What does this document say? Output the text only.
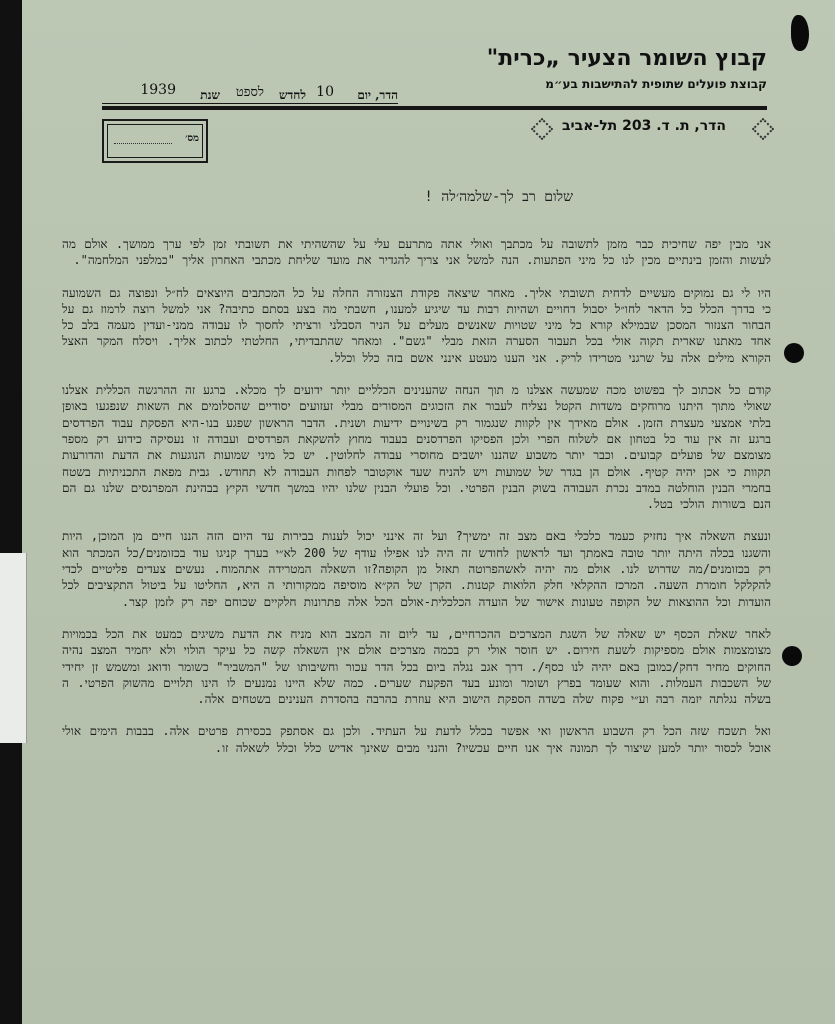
קבוץ השומר הצעיר „כרית"
קבוצת פועלים שתופית להתישבות בע״מ
הדר, יום
10
לחדש
לספט
שנת
1939
הדר, ת. ד. 203 תל-אביב
מס׳
שלום רב לך-שלמה׳לה !

אני מבין יפה שחיכית כבר מזמן לתשובה על מכתבך ואולי אתה מתרעם עלי על שהשהיתי את תשובתי זמן לפי ערך ממושך. אולם מה לעשות והזמן בינתיים מכין לנו כל מיני הפתעות. הנה למשל אני צריך להגדיר את מועד שליחת מכתבי האחרון אליך "כמלפני המלחמה".

היו לי גם נמוקים מעשיים לדחית תשובתי אליך. מאחר שיצאה פקודת הצנזורה החלה על כל המכתבים היוצאים לח״ל ונפוצה גם השמועה כי בדרך הכלל כל הדאר לחו״ל יסבול דחויים ושהיות רבות עד שיגיע למענו, חשבתי מה בצע בסתם כתיבה? אני למשל רוצה לרמוז גם על הבחור הצנזור המסכן שבמילא קורא כל מיני שטויות שאנשים מעלים על הניר הסבלני ורציתי לחסוך לו עבודה ממני-ועדין מעמה בלב כל אחד מאתנו שארית תקוה אולי בכל תעבור הסערה הזאת מבלי "גשם". ומאחר שהתבדיתי, החלטתי לכתוב אליך. ויסלח המקר האצל הקורא מילים אלה על שרגני מטרידו לריק. אני הענו מעטע אינני אשם בזה כלל וכלל.

קודם כל אכתוב לך בפשוט מכה שמעשה אצלנו מ תוך הנחה שהענינים הכלליים יותר ידועים לך מכלא. ברגע זה ההרגשה הכללית אצלנו שאולי מתוך היתנו מרוחקים משדות הקטל נצליח לעבור את הזכוגים המסורים מבלי זעזועים יסודיים שהסלומים את השאות שנפגעו באופן בלתי אמצעי מעצרת הזמן. אולם מאידך אין לקוות שנגמור רק בשינויים ידיעות ושנית. הדבר הראשון שפגע בנו-היא הפסקת עבוד הפרדסים ברגע זה אין עוד כל בטחון אם לשלוח הפרי ולכן הפסיקו הפרדסנים בעבוד מחוץ להשקאת הפרדסים ועבודה זו נעסיקה כידוע רק מספר מצומצם של פועלים קבועים. וכבר יותר משבוע שהננו יושבים מחוסרי עבודה לחלוטין. יש כל מיני שמועות הנוגעות את הדעת והדורעות תקוות כי אכן יהיה קטיף. אולם הן בגדר של שמועות ויש להניח שעד אוקטובר לפחות העבודה לא תחודש. גבית מפאת התכניתיות בשטח בחמרי הבנין הוחלטה במדב נכרת העבודה בשוק הבנין הפרטי. וכל פועלי הבנין שלנו יהיו במשך חדשי הקיץ בבהינת המפרנסים שלנו גם הם הנם בשורות הולכי בטל.

ונעצת השאלה איך נחזיק כעמד כלכלי באם מצב זה ימשיך? ועל זה אינני יכול לענות בבירות עד היום הזה הננו חיים מן המוכן, היות והשגנו בכלה היתה יותר טובה באמתך ועד לראשון לחודש זה היה לנו אפילו עודף של 200 לא״י בערך קניגו עוד בכזומנים/כל המכתר הוא רק בכזומנים/מה שדרוש לנו. אולם מה יהיה לאשהפרוטה תאזל מן הקופה?זו השאלה המטרידה אתהמוח. נעשים צעדים פליטיים לכדי להקלקל חומרת השעה. המרכז ההקלאי חלק הלואות קטנות. הקרן של הק״א מוסיפה ממקורותי ה היא, החליטו על ביטול התקציבים לכל הועדות וכל ההוצאות של הקופה טעונות אישור של הועדה הכלכלית-אולם הכל אלה פתרונות חלקיים שכוחם יפה רק לזמן קצר.

לאחר שאלת הכסף יש שאלה של השגת המצרכים ההכרחיים, עד ליום זה המצב הוא מניח את הדעת משיגים כמעט את הכל בכמויות מצומצמות אולם מספיקות לשעת חירום. יש חוסר אולי רק בכמה מצרכים אולם אין השאלה קשה כל עיקר הולוי ולא יחמיר המצב נהיה החוקים מחיר דחק/כמובן באם יהיה לנו כסף/. דרך אגב נגלה ביום בכל הדר עכור וחשיבותו של "המשביר" כשומר ודואג ומשמש זן יחידי של השכבות העמלות. והוא שעומד בפרץ ושומר ומונע בעד הפקעת שערים. כמה שלא היינו נמנעים לו הינו תלויים מהשוק הפרטי. ה בשלה נגלתה יזמה רבה וע״י פקוח שלה בשדה הספקת הישוב היא עוזרת בהרבה בהסדרת הענינים בשטחים אלה.

ואל תשכח שזה הכל רק השבוע הראשון ואי אפשר בכלל לדעת על העתיד. ולכן גם אסתפק בכסירת פרטים אלה. בבבות הימים אולי אוכל לכסור יותר למען שיצור לך תמונה איך אנו חיים עכשיו? והנני מבים שאינך אדיש כלל וכלל לשאלה זו.
